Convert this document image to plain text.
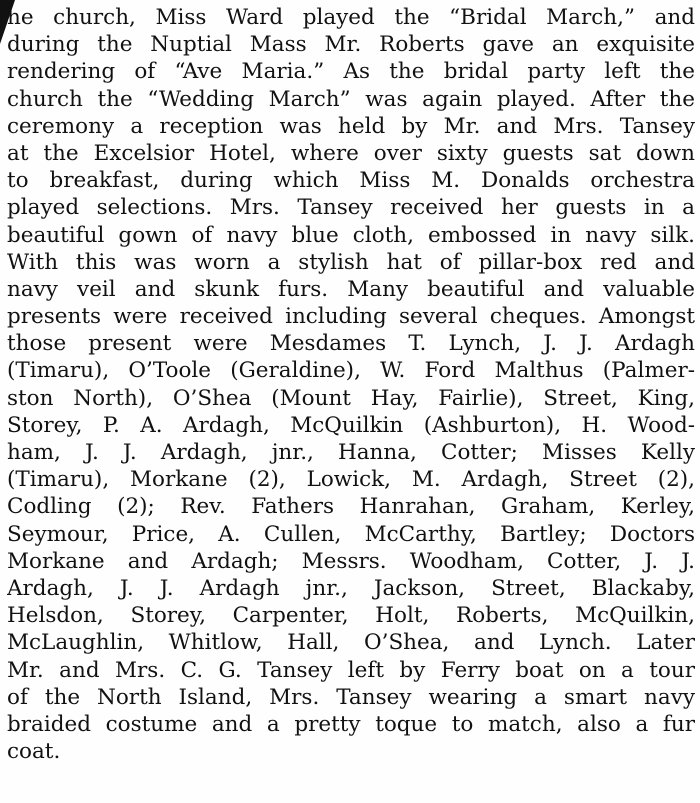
he church, Miss Ward played the “Bridal March,” and
during the Nuptial Mass Mr. Roberts gave an exquisite
rendering of “Ave Maria.” As the bridal party left the
church the “Wedding March” was again played. After the
ceremony a reception was held by Mr. and Mrs. Tansey
at the Excelsior Hotel, where over sixty guests sat down
to breakfast, during which Miss M. Donalds orchestra
played selections. Mrs. Tansey received her guests in a
beautiful gown of navy blue cloth, embossed in navy silk.
With this was worn a stylish hat of pillar-box red and
navy veil and skunk furs. Many beautiful and valuable
presents were received including several cheques. Amongst
those present were Mesdames T. Lynch, J. J. Ardagh
(Timaru), O’Toole (Geraldine), W. Ford Malthus (Palmer-
ston North), O’Shea (Mount Hay, Fairlie), Street, King,
Storey, P. A. Ardagh, McQuilkin (Ashburton), H. Wood-
ham, J. J. Ardagh, jnr., Hanna, Cotter; Misses Kelly
(Timaru), Morkane (2), Lowick, M. Ardagh, Street (2),
Codling (2); Rev. Fathers Hanrahan, Graham, Kerley,
Seymour, Price, A. Cullen, McCarthy, Bartley; Doctors
Morkane and Ardagh; Messrs. Woodham, Cotter, J. J.
Ardagh, J. J. Ardagh jnr., Jackson, Street, Blackaby,
Helsdon, Storey, Carpenter, Holt, Roberts, McQuilkin,
McLaughlin, Whitlow, Hall, O’Shea, and Lynch. Later
Mr. and Mrs. C. G. Tansey left by Ferry boat on a tour
of the North Island, Mrs. Tansey wearing a smart navy
braided costume and a pretty toque to match, also a fur
coat.
